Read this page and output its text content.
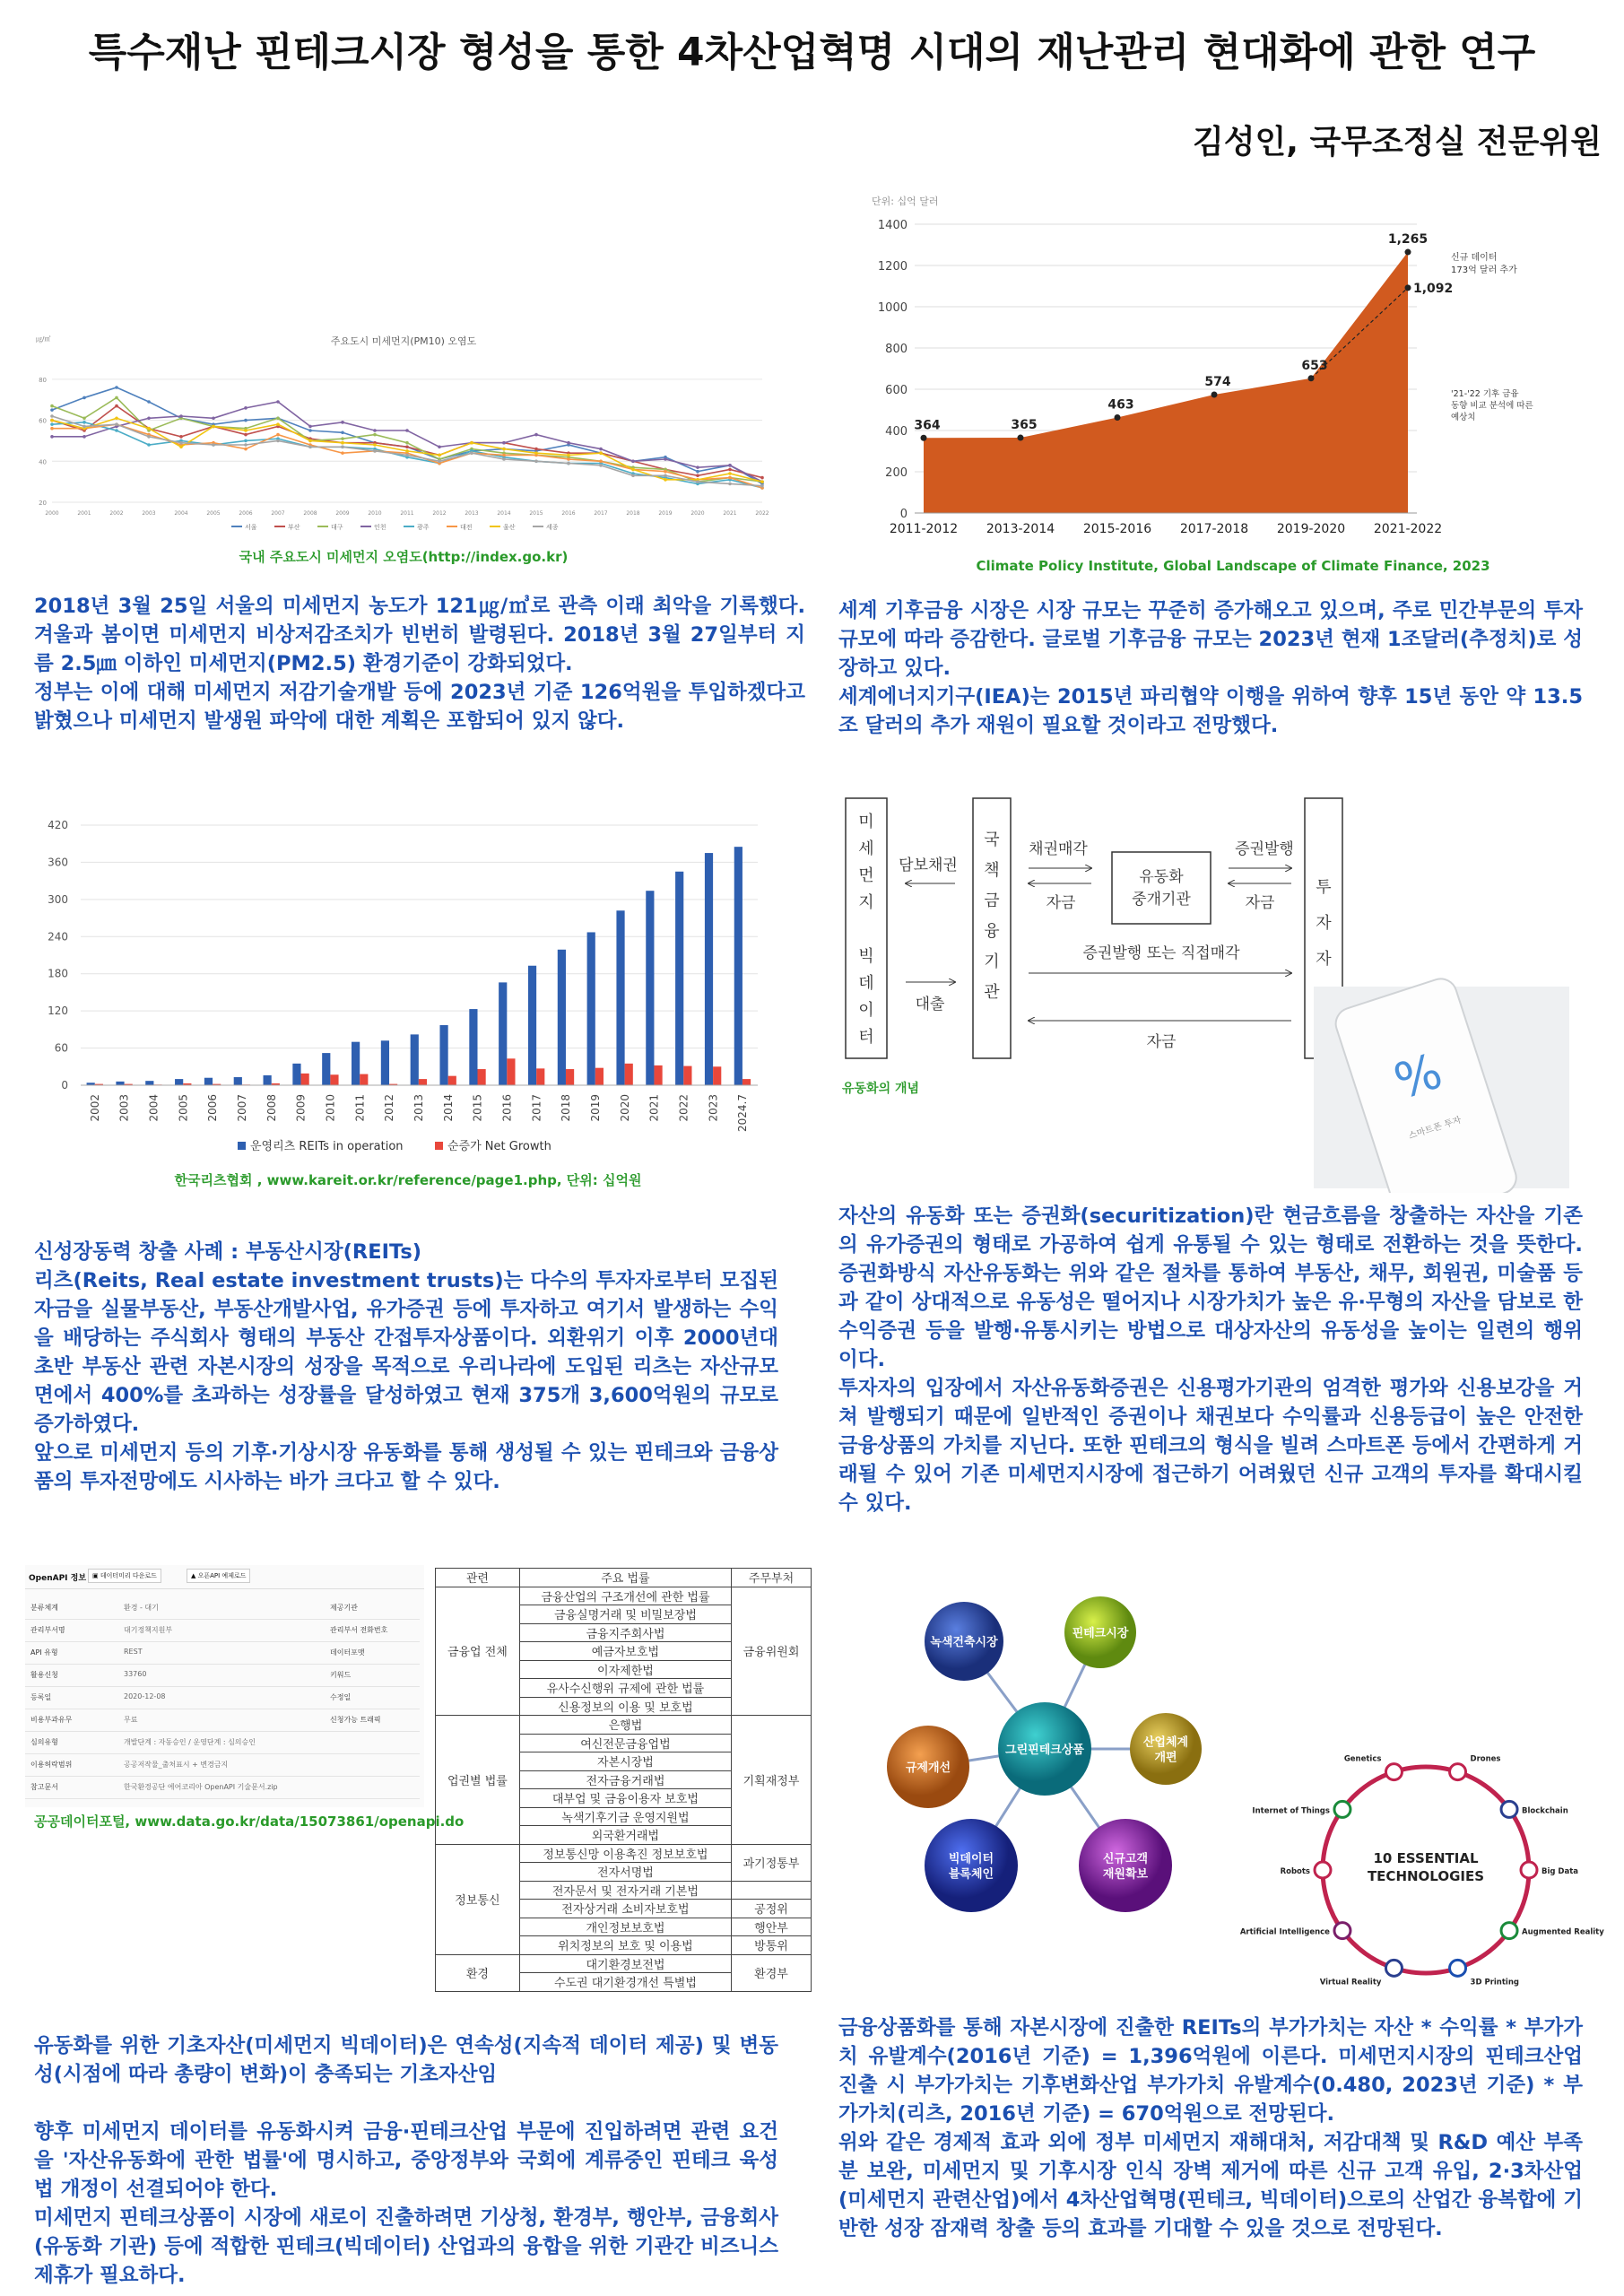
특수재난 핀테크시장 형성을 통한 4차산업혁명 시대의 재난관리 현대화에 관한 연구
김성인, 국무조정실 전문위원
주요도시 미세먼지(PM10) 오염도
㎍/㎥
20
40
60
80
2000	2001	2002	2003	2004	2005	2006	2007	2008	2009	2010	2011	2012	2013	2014	2015	2016	2017	2018	2019	2020	2021	2022
서울	부산	대구	인천	광주	대전	울산	세종
국내 주요도시 미세먼지 오염도(http://index.go.kr)
단위: 십억 달러
0
200
400
600
800
1000
1200
1400
364	365
463
574
653
1,265
1,092
2011-2012 2013-2014 2015-2016 2017-2018 2019-2020 2021-2022
신규 데이터
173억 달러 추가
'21-'22 기후 금융
동향 비교 분석에 따른
예상치
Climate Policy Institute, Global Landscape of Climate Finance, 2023

2018년 3월 25일 서울의 미세먼지 농도가 121㎍/㎥로 관측 이래 최악을 기록했다. 겨울과 봄이면 미세먼지 비상저감조치가 빈번히 발령된다. 2018년 3월 27일부터 지름 2.5㎛ 이하인 미세먼지(PM2.5) 환경기준이 강화되었다.

정부는 이에 대해 미세먼지 저감기술개발 등에 2023년 기준 126억원을 투입하겠다고 밝혔으나 미세먼지 발생원 파악에 대한 계획은 포함되어 있지 않다.

세계 기후금융 시장은 시장 규모는 꾸준히 증가해오고 있으며, 주로 민간부문의 투자 규모에 따라 증감한다. 글로벌 기후금융 규모는 2023년 현재 1조달러(추정치)로 성장하고 있다.

세계에너지기구(IEA)는 2015년 파리협약 이행을 위하여 향후 15년 동안 약 13.5조 달러의 추가 재원이 필요할 것이라고 전망했다.

0
60
120
180
240
300
360
420
2002 2003 2004 2005 2006 2007 2008 2009 2010 2011 2012 2013 2014 2015 2016 2017 2018 2019 2020 2021 2022 2023 2024.7
운영리츠 REITs in operation	순증가 Net Growth
한국리츠협회 , www.kareit.or.kr/reference/page1.php, 단위: 십억원
미
세
먼
지
빅
데
이
터
국
책
금
융
기
관
유동화
중개기관
투
자
자
담보채권
대출
채권매각
자금
증권발행
자금
증권발행 또는 직접매각
자금
%
스마트폰 투자
유동화의 개념

신성장동력 창출 사례 : 부동산시장(REITs)

리츠(Reits, Real estate investment trusts)는 다수의 투자자로부터 모집된 자금을 실물부동산, 부동산개발사업, 유가증권 등에 투자하고 여기서 발생하는 수익을 배당하는 주식회사 형태의 부동산 간접투자상품이다. 외환위기 이후 2000년대 초반 부동산 관련 자본시장의 성장을 목적으로 우리나라에 도입된 리츠는 자산규모 면에서 400%를 초과하는 성장률을 달성하였고 현재 375개 3,600억원의 규모로 증가하였다.

앞으로 미세먼지 등의 기후·기상시장 유동화를 통해 생성될 수 있는 핀테크와 금융상품의 투자전망에도 시사하는 바가 크다고 할 수 있다.

자산의 유동화 또는 증권화(securitization)란 현금흐름을 창출하는 자산을 기존의 유가증권의 형태로 가공하여 쉽게 유통될 수 있는 형태로 전환하는 것을 뜻한다. 증권화방식 자산유동화는 위와 같은 절차를 통하여 부동산, 채무, 회원권, 미술품 등과 같이 상대적으로 유동성은 떨어지나 시장가치가 높은 유·무형의 자산을 담보로 한 수익증권 등을 발행·유통시키는 방법으로 대상자산의 유동성을 높이는 일련의 행위이다.

투자자의 입장에서 자산유동화증권은 신용평가기관의 엄격한 평가와 신용보강을 거쳐 발행되기 때문에 일반적인 증권이나 채권보다 수익률과 신용등급이 높은 안전한 금융상품의 가치를 지닌다. 또한 핀테크의 형식을 빌려 스마트폰 등에서 간편하게 거래될 수 있어 기존 미세먼지시장에 접근하기 어려웠던 신규 고객의 투자를 확대시킬 수 있다.

OpenAPI 정보 ▣ 데이터미리 다운로드	▲ 오픈API 예제로드
분류체계	환경 - 대기	제공기관
관리부서명	대기정책지원부	관리부서 전화번호
API 유형	REST	데이터포맷
활용신청	33760	키워드
등록일	2020-12-08	수정일
비용부과유무	무료	신청가능 트래픽
심의유형	개발단계 : 자동승인 / 운영단계 : 심의승인
이용허락범위	공공저작물_출처표시 + 변경금지
참고문서	한국환경공단 에어코리아 OpenAPI 기술문서.zip
공공데이터포털, www.data.go.kr/data/15073861/openapi.do
관련	주요 법률	주무부처
금융업 전체	금융산업의 구조개선에 관한 법률	금융위원회
	금융실명거래 및 비밀보장법	
	금융지주회사법	
	예금자보호법	
	이자제한법	
	유사수신행위 규제에 관한 법률	
	신용정보의 이용 및 보호법	
업권별 법률	은행법	기획재정부
	여신전문금융업법	
	자본시장법	
	전자금융거래법	
	대부업 및 금융이용자 보호법	
	녹색기후기금 운영지원법	
	외국환거래법	
정보통신	정보통신망 이용촉진 정보보호법	과기정통부
	전자서명법	
	전자문서 및 전자거래 기본법	
	전자상거래 소비자보호법	공정위
	개인정보보호법	행안부
	위치정보의 보호 및 이용법	방통위
환경	대기환경보전법	환경부
	수도권 대기환경개선 특별법	
그린핀테크상품
녹색건축시장
핀테크시장
산업체계
개편
신규고객
재원확보
빅데이터
블록체인
규제개선
10 ESSENTIAL
TECHNOLOGIES
Drones
Blockchain
Big Data
Augmented Reality
3D Printing
Virtual Reality
Artificial Intelligence
Robots
Internet of Things
Genetics

유동화를 위한 기초자산(미세먼지 빅데이터)은 연속성(지속적 데이터 제공) 및 변동성(시점에 따라 총량이 변화)이 충족되는 기초자산임

향후 미세먼지 데이터를 유동화시켜 금융·핀테크산업 부문에 진입하려면 관련 요건을 '자산유동화에 관한 법률'에 명시하고, 중앙정부와 국회에 계류중인 핀테크 육성법 개정이 선결되어야 한다.

미세먼지 핀테크상품이 시장에 새로이 진출하려면 기상청, 환경부, 행안부, 금융회사(유동화 기관) 등에 적합한 핀테크(빅데이터) 산업과의 융합을 위한 기관간 비즈니스 제휴가 필요하다.

금융상품화를 통해 자본시장에 진출한 REITs의 부가가치는 자산 * 수익률 * 부가가치 유발계수(2016년 기준) = 1,396억원에 이른다. 미세먼지시장의 핀테크산업 진출 시 부가가치는 기후변화산업 부가가치 유발계수(0.480, 2023년 기준) * 부가가치(리츠, 2016년 기준) = 670억원으로 전망된다.

위와 같은 경제적 효과 외에 정부 미세먼지 재해대처, 저감대책 및 R&D 예산 부족분 보완, 미세먼지 및 기후시장 인식 장벽 제거에 따른 신규 고객 유입, 2·3차산업(미세먼지 관련산업)에서 4차산업혁명(핀테크, 빅데이터)으로의 산업간 융복합에 기반한 성장 잠재력 창출 등의 효과를 기대할 수 있을 것으로 전망된다.
